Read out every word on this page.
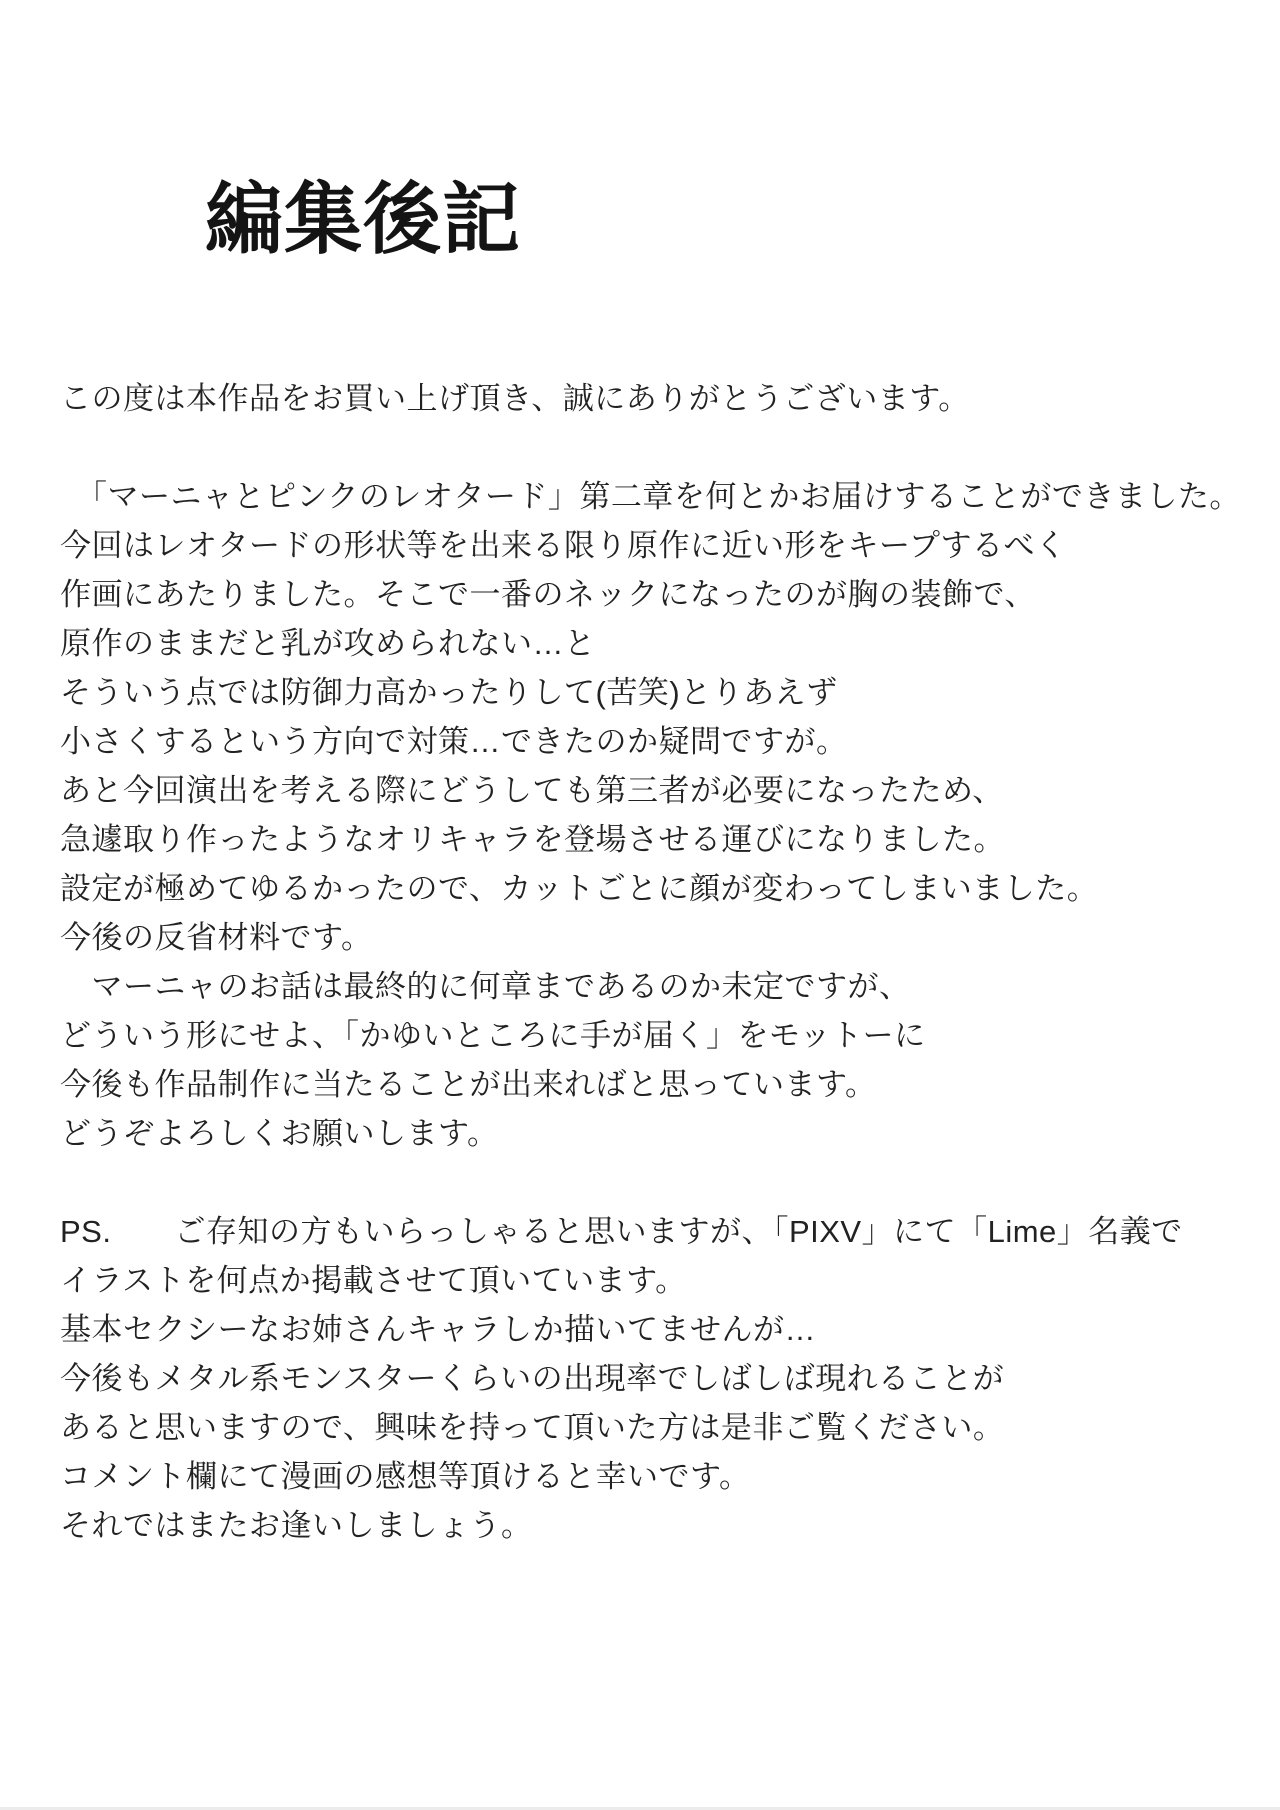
編集後記
この度は本作品をお買い上げ頂き、誠にありがとうございます。
　「マーニャとピンクのレオタード」第二章を何とかお届けすることができました。
今回はレオタードの形状等を出来る限り原作に近い形をキープするべく
作画にあたりました。そこで一番のネックになったのが胸の装飾で、
原作のままだと乳が攻められない…と
そういう点では防御力高かったりして(苦笑)とりあえず
小さくするという方向で対策…できたのか疑問ですが。
あと今回演出を考える際にどうしても第三者が必要になったため、
急遽取り作ったようなオリキャラを登場させる運びになりました。
設定が極めてゆるかったので、カットごとに顔が変わってしまいました。
今後の反省材料です。
　マーニャのお話は最終的に何章まであるのか未定ですが、
どういう形にせよ、「かゆいところに手が届く」をモットーに
今後も作品制作に当たることが出来ればと思っています。
どうぞよろしくお願いします。
PS.　　ご存知の方もいらっしゃると思いますが、「PIXV」にて「Lime」名義で
イラストを何点か掲載させて頂いています。
基本セクシーなお姉さんキャラしか描いてませんが…
今後もメタル系モンスターくらいの出現率でしばしば現れることが
あると思いますので、興味を持って頂いた方は是非ご覧ください。
コメント欄にて漫画の感想等頂けると幸いです。
それではまたお逢いしましょう。
